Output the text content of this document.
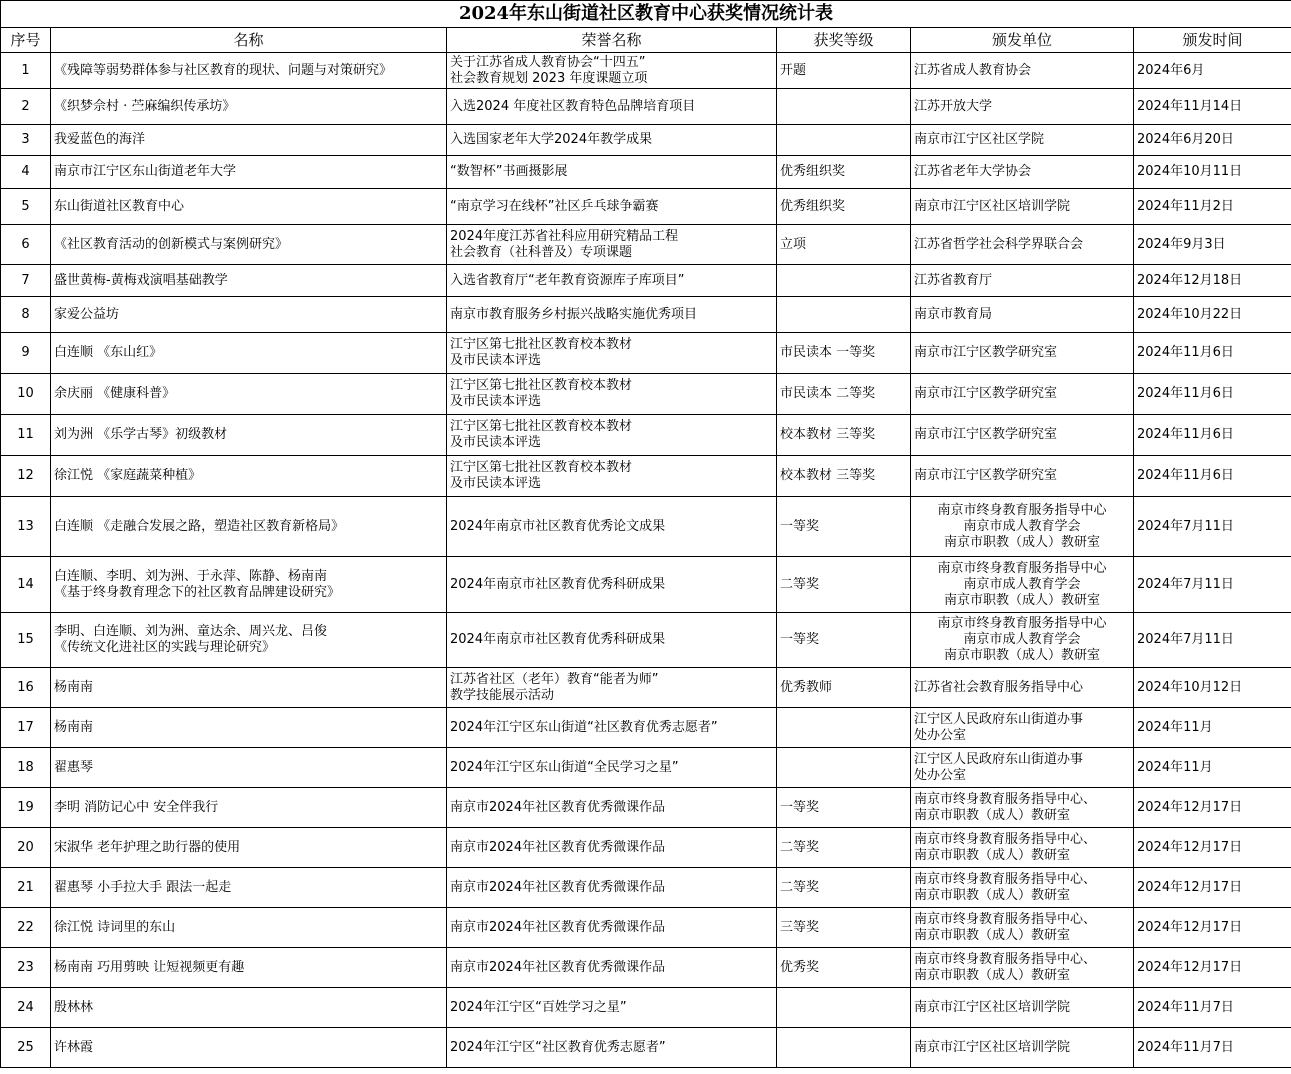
2024年东山街道社区教育中心获奖情况统计表					
序号	名称	荣誉名称	获奖等级	颁发单位	颁发时间
1	《残障等弱势群体参与社区教育的现状、问题与对策研究》	关于江苏省成人教育协会“十四五”
社会教育规划 2023 年度课题立项	开题	江苏省成人教育协会	2024年6月
2	《织梦佘村 · 苎麻编织传承坊》	入选2024 年度社区教育特色品牌培育项目		江苏开放大学	2024年11月14日
3	我爱蓝色的海洋	入选国家老年大学2024年教学成果		南京市江宁区社区学院	2024年6月20日
4	南京市江宁区东山街道老年大学	“数智杯”书画摄影展	优秀组织奖	江苏省老年大学协会	2024年10月11日
5	东山街道社区教育中心	“南京学习在线杯”社区乒乓球争霸赛	优秀组织奖	南京市江宁区社区培训学院	2024年11月2日
6	《社区教育活动的创新模式与案例研究》	2024年度江苏省社科应用研究精品工程
社会教育（社科普及）专项课题	立项	江苏省哲学社会科学界联合会	2024年9月3日
7	盛世黄梅-黄梅戏演唱基础教学	入选省教育厅“老年教育资源库子库项目”		江苏省教育厅	2024年12月18日
8	家爱公益坊	南京市教育服务乡村振兴战略实施优秀项目		南京市教育局	2024年10月22日
9	白连顺 《东山红》	江宁区第七批社区教育校本教材
及市民读本评选	市民读本 一等奖	南京市江宁区教学研究室	2024年11月6日
10	余庆丽 《健康科普》	江宁区第七批社区教育校本教材
及市民读本评选	市民读本 二等奖	南京市江宁区教学研究室	2024年11月6日
11	刘为洲 《乐学古琴》初级教材	江宁区第七批社区教育校本教材
及市民读本评选	校本教材 三等奖	南京市江宁区教学研究室	2024年11月6日
12	徐江悦 《家庭蔬菜种植》	江宁区第七批社区教育校本教材
及市民读本评选	校本教材 三等奖	南京市江宁区教学研究室	2024年11月6日
13	白连顺 《走融合发展之路，塑造社区教育新格局》	2024年南京市社区教育优秀论文成果	一等奖	南京市终身教育服务指导中心
南京市成人教育学会
南京市职教（成人）教研室	2024年7月11日
14	白连顺、李明、刘为洲、于永萍、陈静、杨南南
《基于终身教育理念下的社区教育品牌建设研究》	2024年南京市社区教育优秀科研成果	二等奖	南京市终身教育服务指导中心
南京市成人教育学会
南京市职教（成人）教研室	2024年7月11日
15	李明、白连顺、刘为洲、童达余、周兴龙、吕俊
《传统文化进社区的实践与理论研究》	2024年南京市社区教育优秀科研成果	一等奖	南京市终身教育服务指导中心
南京市成人教育学会
南京市职教（成人）教研室	2024年7月11日
16	杨南南	江苏省社区（老年）教育“能者为师”
教学技能展示活动	优秀教师	江苏省社会教育服务指导中心	2024年10月12日
17	杨南南	2024年江宁区东山街道“社区教育优秀志愿者”		江宁区人民政府东山街道办事
处办公室	2024年11月
18	翟惠琴	2024年江宁区东山街道“全民学习之星”		江宁区人民政府东山街道办事
处办公室	2024年11月
19	李明 消防记心中 安全伴我行	南京市2024年社区教育优秀微课作品	一等奖	南京市终身教育服务指导中心、
南京市职教（成人）教研室	2024年12月17日
20	宋淑华 老年护理之助行器的使用	南京市2024年社区教育优秀微课作品	二等奖	南京市终身教育服务指导中心、
南京市职教（成人）教研室	2024年12月17日
21	翟惠琴 小手拉大手 跟法一起走	南京市2024年社区教育优秀微课作品	二等奖	南京市终身教育服务指导中心、
南京市职教（成人）教研室	2024年12月17日
22	徐江悦 诗词里的东山	南京市2024年社区教育优秀微课作品	三等奖	南京市终身教育服务指导中心、
南京市职教（成人）教研室	2024年12月17日
23	杨南南 巧用剪映 让短视频更有趣	南京市2024年社区教育优秀微课作品	优秀奖	南京市终身教育服务指导中心、
南京市职教（成人）教研室	2024年12月17日
24	殷林林	2024年江宁区“百姓学习之星”		南京市江宁区社区培训学院	2024年11月7日
25	许林霞	2024年江宁区“社区教育优秀志愿者”		南京市江宁区社区培训学院	2024年11月7日
